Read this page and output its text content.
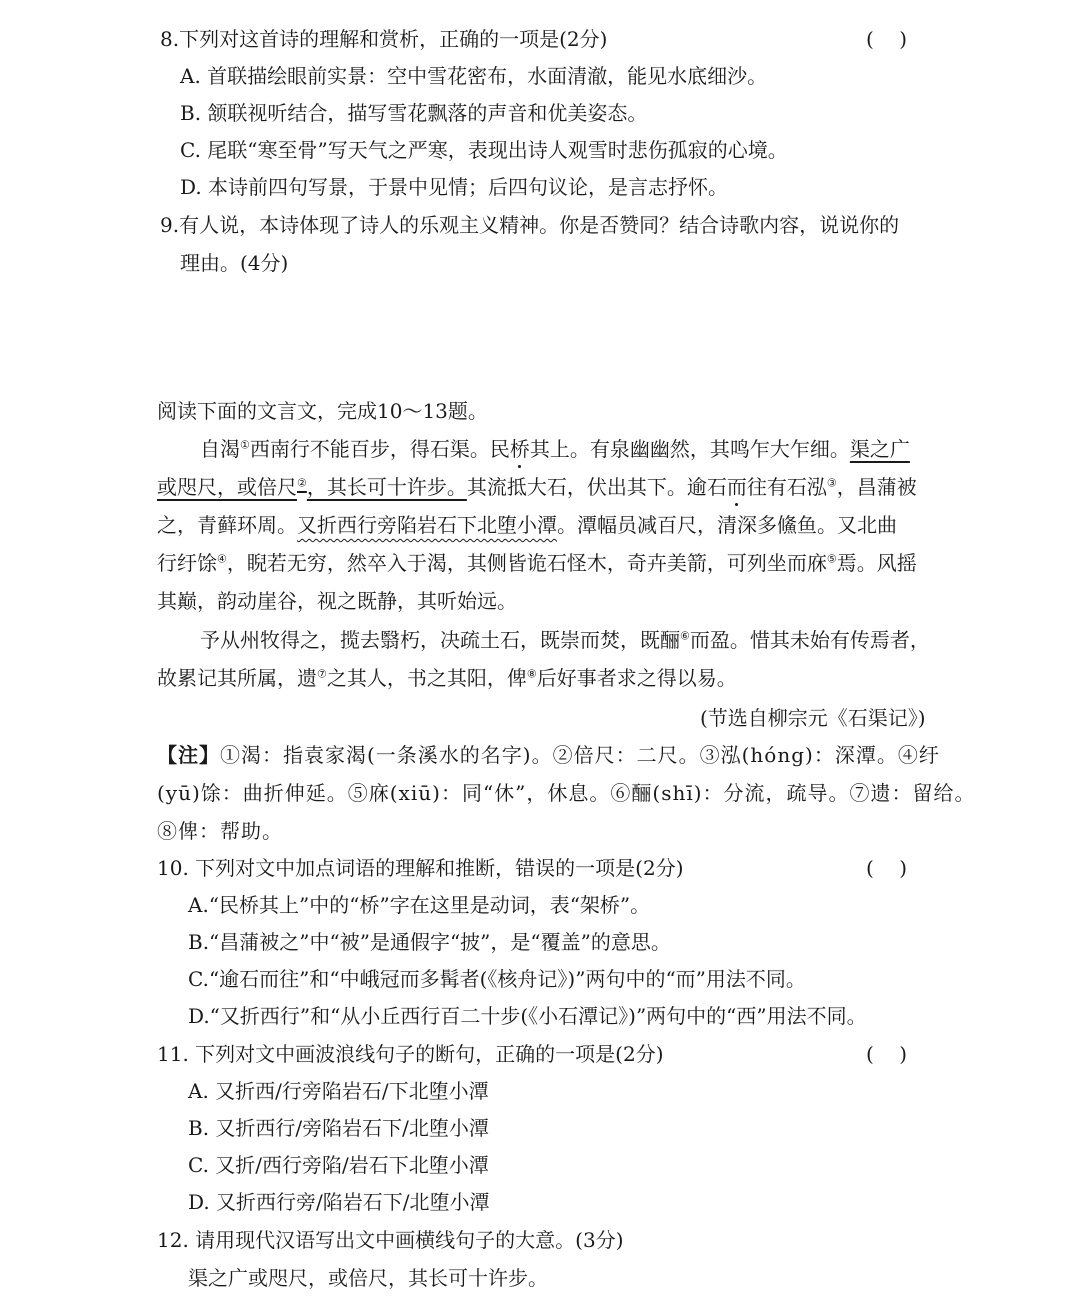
8.下列对这首诗的理解和赏析，正确的一项是(2分)	(    )
A. 首联描绘眼前实景：空中雪花密布，水面清澈，能见水底细沙。
B. 颔联视听结合，描写雪花飘落的声音和优美姿态。
C. 尾联“寒至骨”写天气之严寒，表现出诗人观雪时悲伤孤寂的心境。
D. 本诗前四句写景，于景中见情；后四句议论，是言志抒怀。
9.有人说，本诗体现了诗人的乐观主义精神。你是否赞同？结合诗歌内容，说说你的
理由。(4分)
阅读下面的文言文，完成10～13题。
自渴①西南行不能百步，得石渠。民桥其上。有泉幽幽然，其鸣乍大乍细。渠之广
或咫尺，或倍尺②，其长可十许步。其流抵大石，伏出其下。逾石而往有石泓③，昌蒲被
之，青藓环周。又折西行旁陷岩石下北堕小潭。潭幅员减百尺，清深多鯈鱼。又北曲
行纡馀④，睨若无穷，然卒入于渴，其侧皆诡石怪木，奇卉美箭，可列坐而庥⑤焉。风摇
其巅，韵动崖谷，视之既静，其听始远。
予从州牧得之，揽去翳朽，决疏土石，既崇而焚，既酾⑥而盈。惜其未始有传焉者，
故累记其所属，遗⑦之其人，书之其阳，俾⑧后好事者求之得以易。
(节选自柳宗元《石渠记》)
【注】①渴：指袁家渴(一条溪水的名字)。②倍尺：二尺。③泓(hóng)：深潭。④纡
(yū)馀：曲折伸延。⑤庥(xiū)：同“休”，休息。⑥酾(shī)：分流，疏导。⑦遗：留给。
⑧俾：帮助。
10. 下列对文中加点词语的理解和推断，错误的一项是(2分)	(    )
A.“民桥其上”中的“桥”字在这里是动词，表“架桥”。
B.“昌蒲被之”中“被”是通假字“披”，是“覆盖”的意思。
C.“逾石而往”和“中峨冠而多髯者(《核舟记》)”两句中的“而”用法不同。
D.“又折西行”和“从小丘西行百二十步(《小石潭记》)”两句中的“西”用法不同。
11. 下列对文中画波浪线句子的断句，正确的一项是(2分)	(    )
A. 又折西/行旁陷岩石/下北堕小潭
B. 又折西行/旁陷岩石下/北堕小潭
C. 又折/西行旁陷/岩石下北堕小潭
D. 又折西行旁/陷岩石下/北堕小潭
12. 请用现代汉语写出文中画横线句子的大意。(3分)
渠之广或咫尺，或倍尺，其长可十许步。
